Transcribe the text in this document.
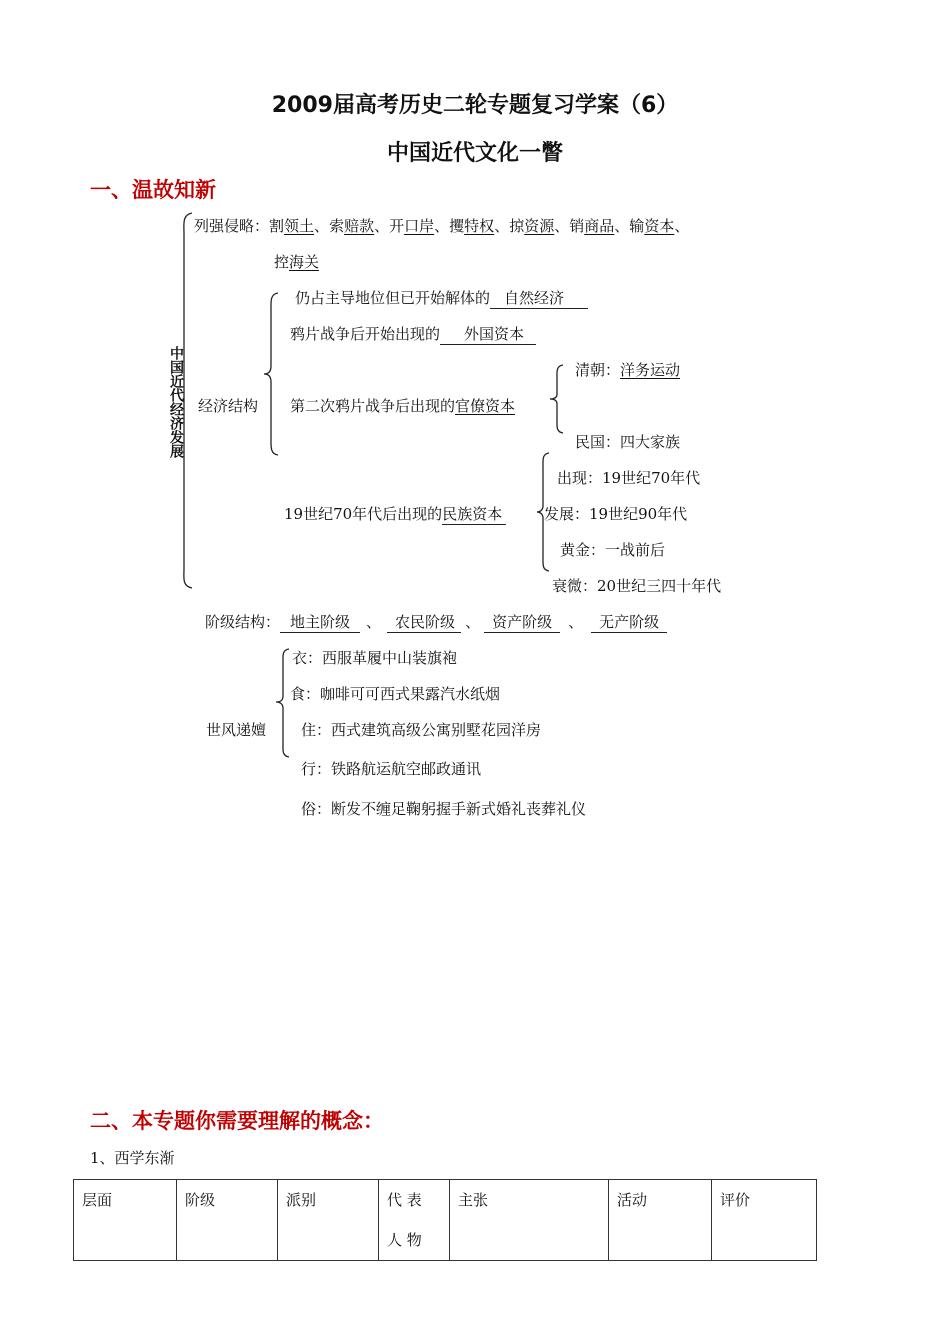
2009届高考历史二轮专题复习学案（6）
中国近代文化一瞥
一、温故知新
中国近代经济发展
列强侵略：割领土、索赔款、开口岸、攫特权、掠资源、销商品、输资本、
控海关
经济结构
仍占主导地位但已开始解体的 自然经济
鸦片战争后开始出现的 外国资本
第二次鸦片战争后出现的官僚资本
清朝：洋务运动
民国：四大家族
19世纪70年代后出现的民族资本
出现：19世纪70年代
发展：19世纪90年代
黄金：一战前后
衰微：20世纪三四十年代
阶级结构： 地主阶级 、 农民阶级 、 资产阶级 、 无产阶级
世风递嬗
衣：西服革履中山装旗袍
食：咖啡可可西式果露汽水纸烟
住：西式建筑高级公寓别墅花园洋房
行：铁路航运航空邮政通讯
俗：断发不缠足鞠躬握手新式婚礼丧葬礼仪
二、本专题你需要理解的概念：
1、西学东渐
层面	阶级	派别	代 表 人 物	主张	活动	评价
